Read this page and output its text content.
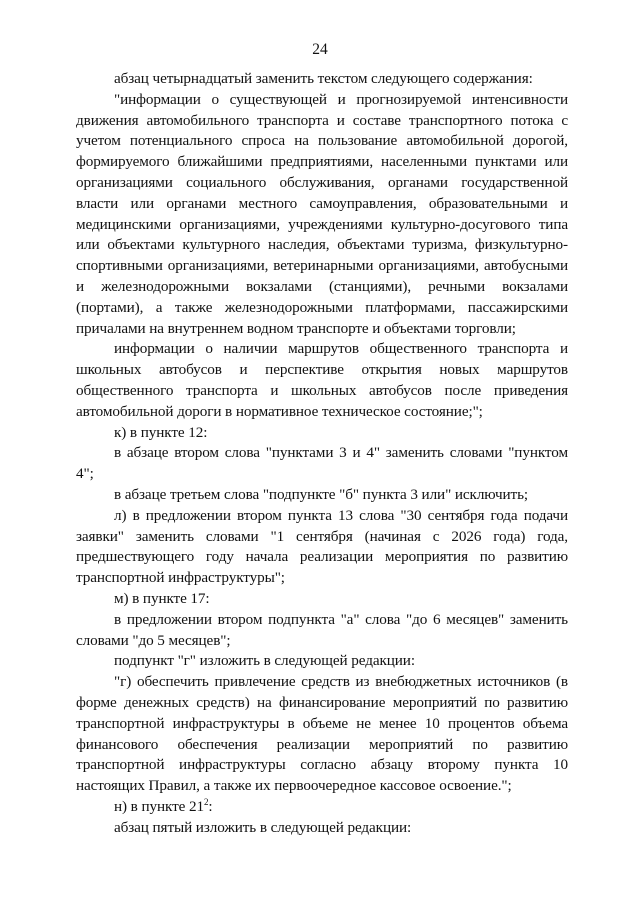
24

абзац четырнадцатый заменить текстом следующего содержания:

"информации о существующей и прогнозируемой интенсивности движения автомобильного транспорта и составе транспортного потока с учетом потенциального спроса на пользование автомобильной дорогой, формируемого ближайшими предприятиями, населенными пунктами или организациями социального обслуживания, органами государственной власти или органами местного самоуправления, образовательными и медицинскими организациями, учреждениями культурно-досугового типа или объектами культурного наследия, объектами туризма, физкультурно-спортивными организациями, ветеринарными организациями, автобусными и железнодорожными вокзалами (станциями), речными вокзалами (портами), а также железнодорожными платформами, пассажирскими причалами на внутреннем водном транспорте и объектами торговли;

информации о наличии маршрутов общественного транспорта и школьных автобусов и перспективе открытия новых маршрутов общественного транспорта и школьных автобусов после приведения автомобильной дороги в нормативное техническое состояние;";

к) в пункте 12:

в абзаце втором слова "пунктами 3 и 4" заменить словами "пунктом 4";

в абзаце третьем слова "подпункте "б" пункта 3 или" исключить;

л) в предложении втором пункта 13 слова "30 сентября года подачи заявки" заменить словами "1 сентября (начиная с 2026 года) года, предшествующего году начала реализации мероприятия по развитию транспортной инфраструктуры";

м) в пункте 17:

в предложении втором подпункта "а" слова "до 6 месяцев" заменить словами "до 5 месяцев";

подпункт "г" изложить в следующей редакции:

"г) обеспечить привлечение средств из внебюджетных источников (в форме денежных средств) на финансирование мероприятий по развитию транспортной инфраструктуры в объеме не менее 10 процентов объема финансового обеспечения реализации мероприятий по развитию транспортной инфраструктуры согласно абзацу второму пункта 10 настоящих Правил, а также их первоочередное кассовое освоение.";

н) в пункте $21^2$:

абзац пятый изложить в следующей редакции:
